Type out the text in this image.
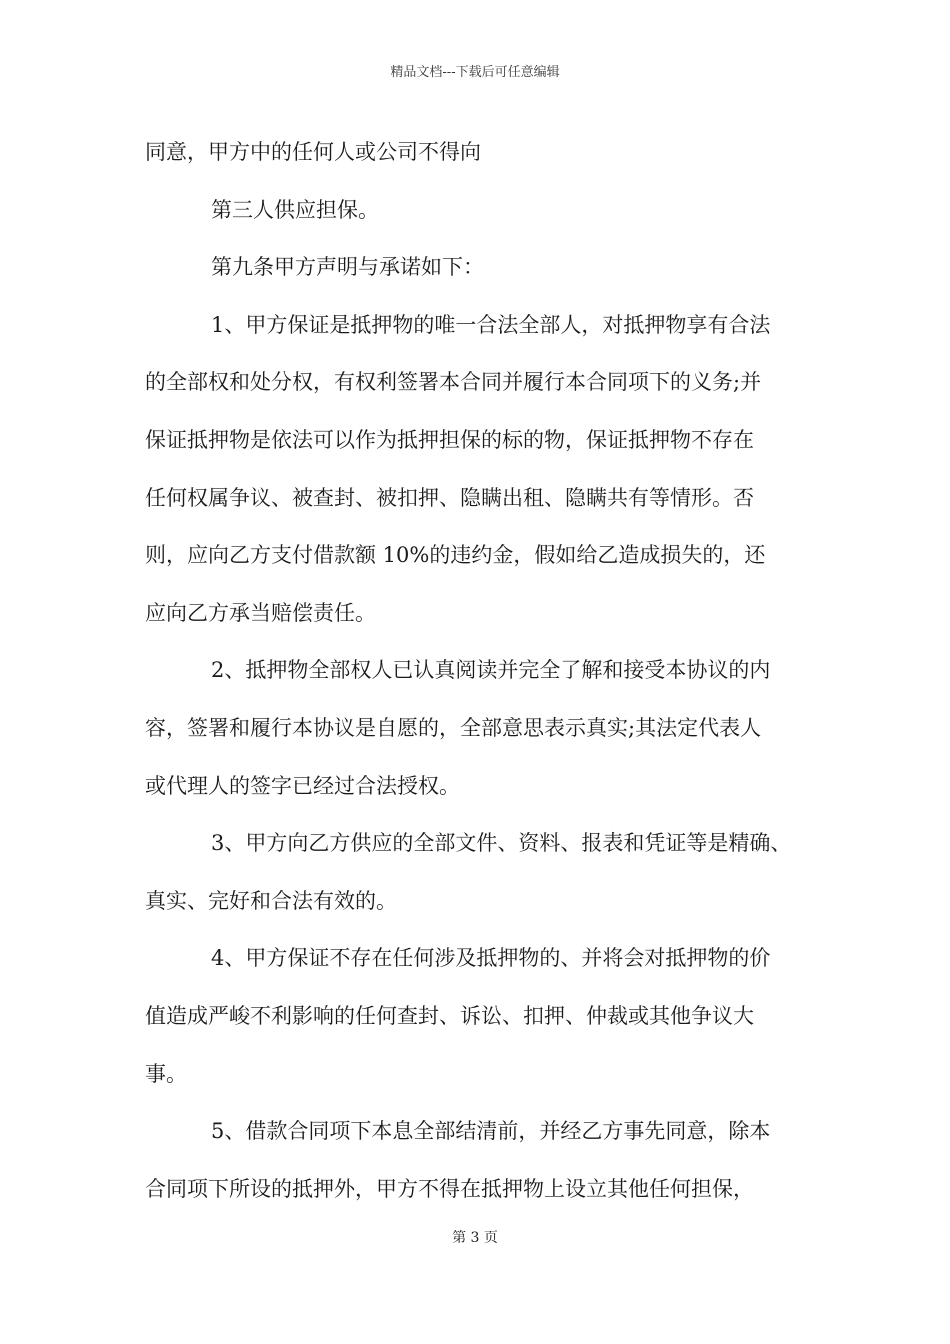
精品文档---下载后可任意编辑

同意，甲方中的任何人或公司不得向

第三人供应担保。

第九条甲方声明与承诺如下：

1、甲方保证是抵押物的唯一合法全部人，对抵押物享有合法

的全部权和处分权，有权利签署本合同并履行本合同项下的义务;并

保证抵押物是依法可以作为抵押担保的标的物，保证抵押物不存在

任何权属争议、被查封、被扣押、隐瞒出租、隐瞒共有等情形。否

则，应向乙方支付借款额 10%的违约金，假如给乙造成损失的，还

应向乙方承当赔偿责任。

2、抵押物全部权人已认真阅读并完全了解和接受本协议的内

容，签署和履行本协议是自愿的，全部意思表示真实;其法定代表人

或代理人的签字已经过合法授权。

3、甲方向乙方供应的全部文件、资料、报表和凭证等是精确、

真实、完好和合法有效的。

4、甲方保证不存在任何涉及抵押物的、并将会对抵押物的价

值造成严峻不利影响的任何查封、诉讼、扣押、仲裁或其他争议大

事。

5、借款合同项下本息全部结清前，并经乙方事先同意，除本

合同项下所设的抵押外，甲方不得在抵押物上设立其他任何担保，

第 3 页
